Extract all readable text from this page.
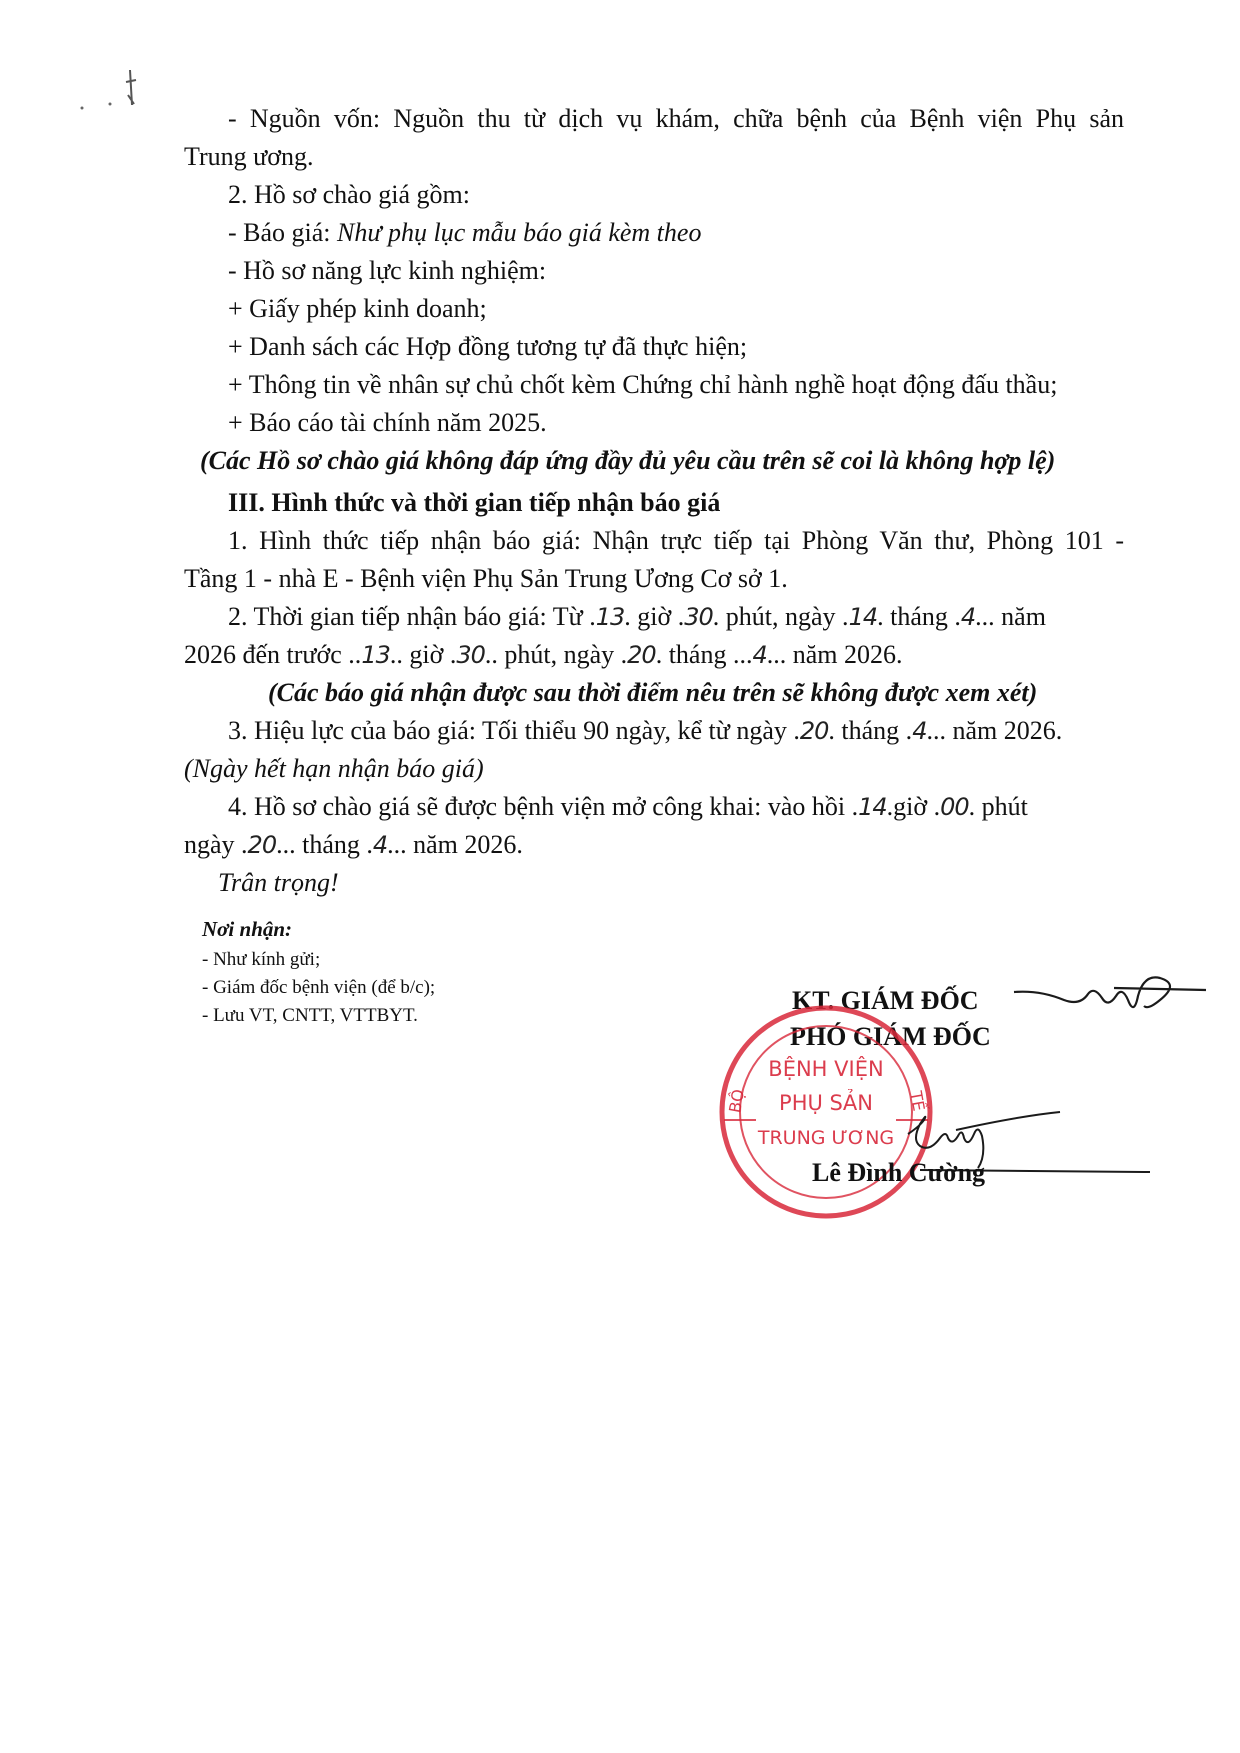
- Nguồn vốn: Nguồn thu từ dịch vụ khám, chữa bệnh của Bệnh viện Phụ sản
Trung ương.
2. Hồ sơ chào giá gồm:
- Báo giá: Như phụ lục mẫu báo giá kèm theo
- Hồ sơ năng lực kinh nghiệm:
+ Giấy phép kinh doanh;
+ Danh sách các Hợp đồng tương tự đã thực hiện;
+ Thông tin về nhân sự chủ chốt kèm Chứng chỉ hành nghề hoạt động đấu thầu;
+ Báo cáo tài chính năm 2025.
(Các Hồ sơ chào giá không đáp ứng đầy đủ yêu cầu trên sẽ coi là không hợp lệ)
III. Hình thức và thời gian tiếp nhận báo giá
1. Hình thức tiếp nhận báo giá: Nhận trực tiếp tại Phòng Văn thư, Phòng 101 -
Tầng 1 - nhà E - Bệnh viện Phụ Sản Trung Ương Cơ sở 1.
2. Thời gian tiếp nhận báo giá: Từ .13. giờ .30. phút, ngày .14. tháng .4... năm
2026 đến trước ..13.. giờ .30.. phút, ngày .20. tháng ...4... năm 2026.
(Các báo giá nhận được sau thời điểm nêu trên sẽ không được xem xét)
3. Hiệu lực của báo giá: Tối thiểu 90 ngày, kể từ ngày .20. tháng .4... năm 2026.
(Ngày hết hạn nhận báo giá)
4. Hồ sơ chào giá sẽ được bệnh viện mở công khai: vào hồi .14.giờ .00. phút
ngày .20... tháng .4... năm 2026.
Trân trọng!
Nơi nhận:
- Như kính gửi;
- Giám đốc bệnh viện (để b/c);
- Lưu VT, CNTT, VTTBYT.
KT. GIÁM ĐỐC
PHÓ GIÁM ĐỐC
BỆNH VIỆN
PHỤ SẢN
TRUNG ƯƠNG
BỘ	TẾ
Lê Đình Cường
